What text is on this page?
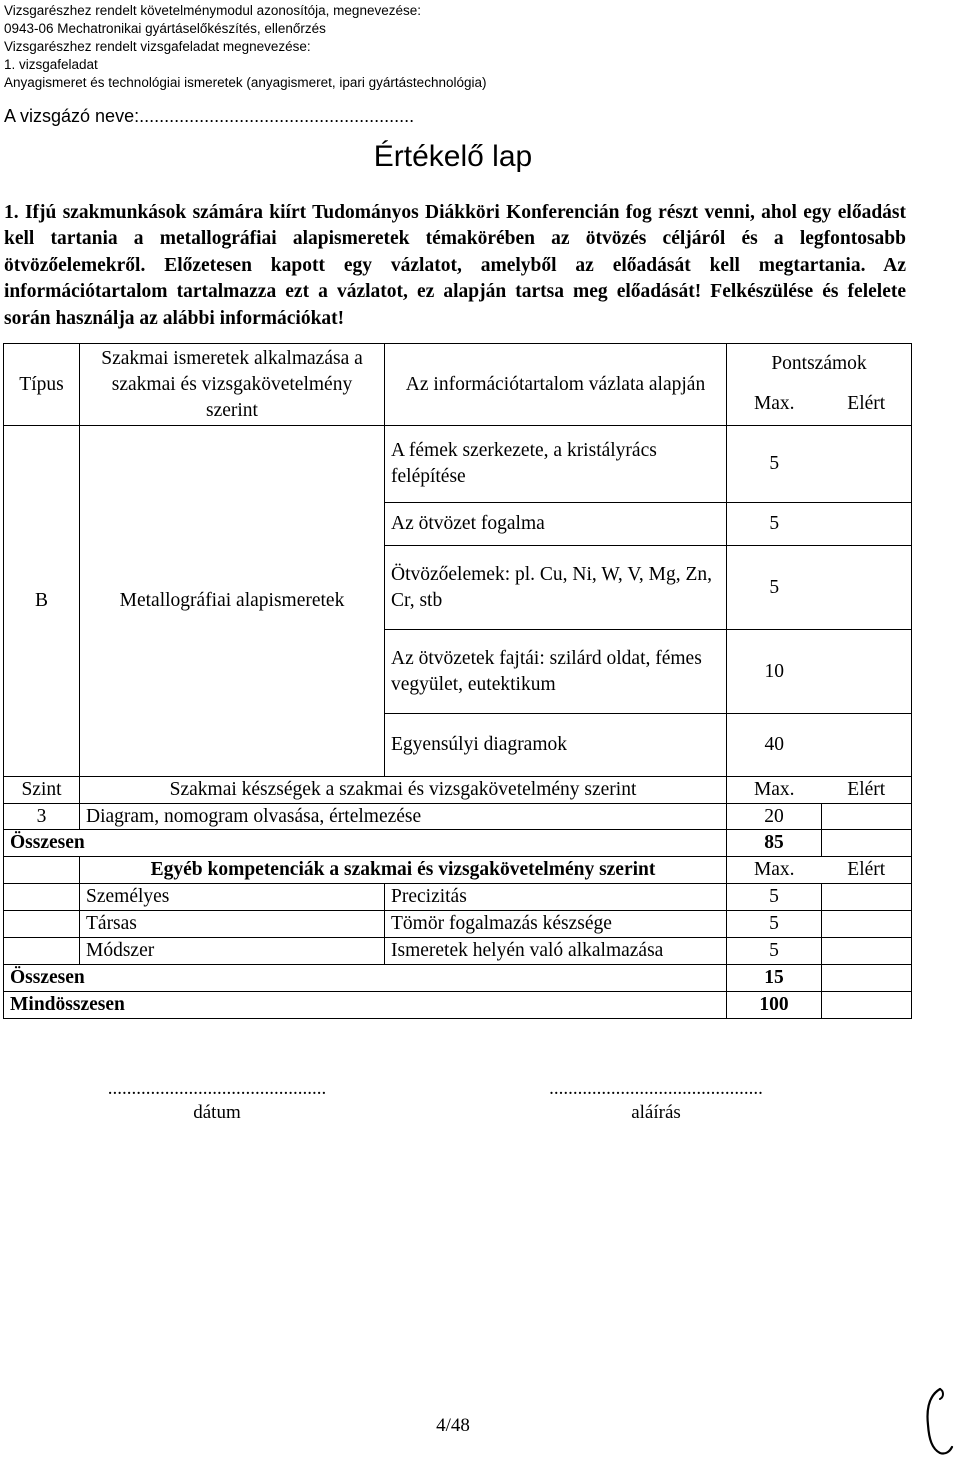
Vizsgarészhez rendelt követelménymodul azonosítója, megnevezése:
0943-06 Mechatronikai gyártáselőkészítés, ellenőrzés
Vizsgarészhez rendelt vizsgafeladat megnevezése:
1. vizsgafeladat
Anyagismeret és technológiai ismeretek (anyagismeret, ipari gyártástechnológia)
A vizsgázó neve:.......................................................
Értékelő lap
1. Ifjú szakmunkások számára kiírt Tudományos Diákköri Konferencián fog részt venni, ahol egy előadást kell tartania a metallográfiai alapismeretek témakörében az ötvözés céljáról és a legfontosabb ötvözőelemekről. Előzetesen kapott egy vázlatot, amelyből az előadását kell megtartania. Az információtartalom tartalmazza ezt a vázlatot, ez alapján tartsa meg előadását! Felkészülése és felelete során használja az alábbi információkat!
Típus	Szakmai ismeretek alkalmazása a szakmai és vizsgakövetelmény szerint	Az információtartalom vázlata alapján	Pontszámok	
			Max.	Elért
B	Metallográfiai alapismeretek	A fémek szerkezete, a kristályrács felépítése	5	
		Az ötvözet fogalma	5	
		Ötvözőelemek: pl. Cu, Ni, W, V, Mg, Zn, Cr, stb	5	
		Az ötvözetek fajtái: szilárd oldat, fémes vegyület, eutektikum	10	
		Egyensúlyi diagramok	40	
Szint	Szakmai készségek a szakmai és vizsgakövetelmény szerint		Max.	Elért
3	Diagram, nomogram olvasása, értelmezése		20	
Összesen			85	
	Egyéb kompetenciák a szakmai és vizsgakövetelmény szerint		Max.	Elért
	Személyes	Precizitás	5	
	Társas	Tömör fogalmazás készsége	5	
	Módszer	Ismeretek helyén való alkalmazása	5	
Összesen			15	
Mindösszesen			100	
..............................................
dátum
.............................................
aláírás
4/48
